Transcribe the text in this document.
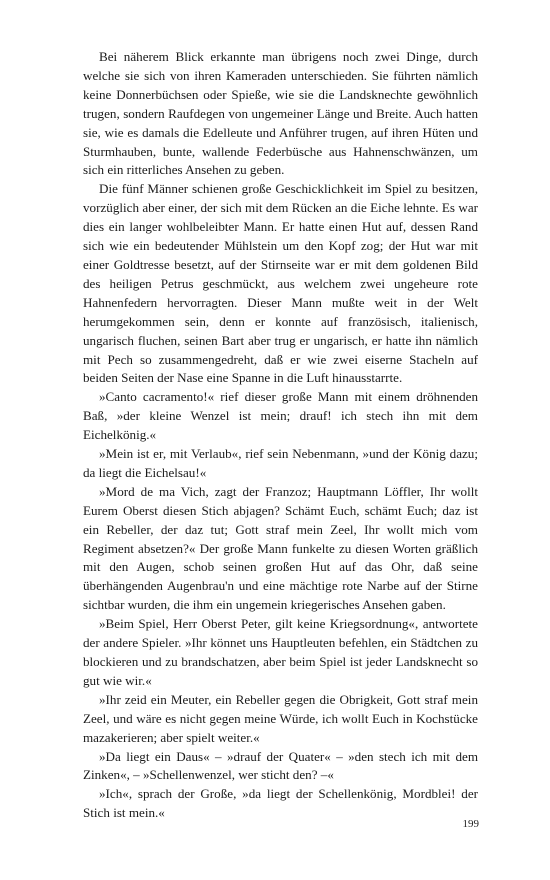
Bei näherem Blick erkannte man übrigens noch zwei Dinge, durch welche sie sich von ihren Kameraden unterschieden. Sie führten nämlich keine Donnerbüchsen oder Spieße, wie sie die Landsknechte gewöhnlich trugen, sondern Raufdegen von ungemeiner Länge und Breite. Auch hatten sie, wie es damals die Edelleute und Anführer trugen, auf ihren Hüten und Sturmhauben, bunte, wallende Federbüsche aus Hahnenschwänzen, um sich ein ritterliches Ansehen zu geben.

Die fünf Männer schienen große Geschicklichkeit im Spiel zu besitzen, vorzüglich aber einer, der sich mit dem Rücken an die Eiche lehnte. Es war dies ein langer wohlbeleibter Mann. Er hatte einen Hut auf, dessen Rand sich wie ein bedeutender Mühlstein um den Kopf zog; der Hut war mit einer Goldtresse besetzt, auf der Stirnseite war er mit dem goldenen Bild des heiligen Petrus geschmückt, aus welchem zwei ungeheure rote Hahnenfedern hervorragten. Dieser Mann mußte weit in der Welt herumgekommen sein, denn er konnte auf französisch, italienisch, ungarisch fluchen, seinen Bart aber trug er ungarisch, er hatte ihn nämlich mit Pech so zusammengedreht, daß er wie zwei eiserne Stacheln auf beiden Seiten der Nase eine Spanne in die Luft hinausstarrte.

»Canto cacramento!« rief dieser große Mann mit einem dröhnenden Baß, »der kleine Wenzel ist mein; drauf! ich stech ihn mit dem Eichelkönig.«

»Mein ist er, mit Verlaub«, rief sein Nebenmann, »und der König dazu; da liegt die Eichelsau!«

»Mord de ma Vich, zagt der Franzoz; Hauptmann Löffler, Ihr wollt Eurem Oberst diesen Stich abjagen? Schämt Euch, schämt Euch; daz ist ein Rebeller, der daz tut; Gott straf mein Zeel, Ihr wollt mich vom Regiment absetzen?« Der große Mann funkelte zu diesen Worten gräßlich mit den Augen, schob seinen großen Hut auf das Ohr, daß seine überhängenden Augenbrau'n und eine mächtige rote Narbe auf der Stirne sichtbar wurden, die ihm ein ungemein kriegerisches Ansehen gaben.

»Beim Spiel, Herr Oberst Peter, gilt keine Kriegsordnung«, antwortete der andere Spieler. »Ihr könnet uns Hauptleuten befehlen, ein Städtchen zu blockieren und zu brandschatzen, aber beim Spiel ist jeder Landsknecht so gut wie wir.«

»Ihr zeid ein Meuter, ein Rebeller gegen die Obrigkeit, Gott straf mein Zeel, und wäre es nicht gegen meine Würde, ich wollt Euch in Kochstücke mazakerieren; aber spielt weiter.«

»Da liegt ein Daus« – »drauf der Quater« – »den stech ich mit dem Zinken«, – »Schellenwenzel, wer sticht den? –«

»Ich«, sprach der Große, »da liegt der Schellenkönig, Mordblei! der Stich ist mein.«

199
